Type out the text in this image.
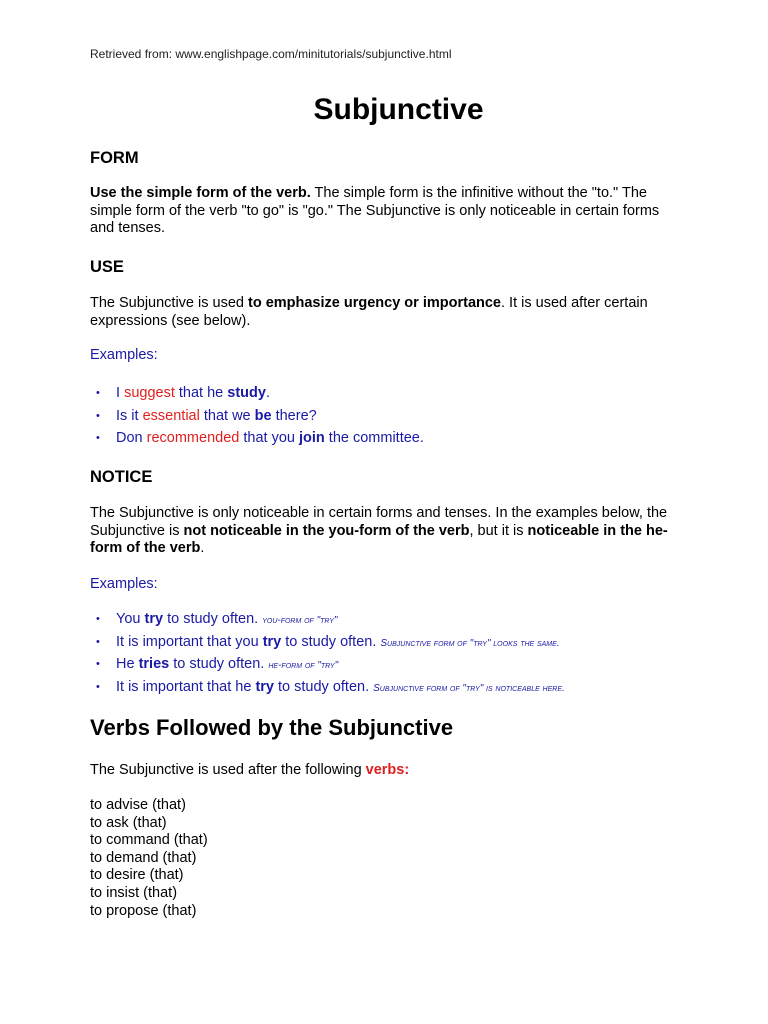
Retrieved from: www.englishpage.com/minitutorials/subjunctive.html
Subjunctive
FORM

Use the simple form of the verb. The simple form is the infinitive without the "to." The simple form of the verb "to go" is "go." The Subjunctive is only noticeable in certain forms and tenses.

USE

The Subjunctive is used to emphasize urgency or importance. It is used after certain expressions (see below).

Examples:

• I suggest that he study.
• Is it essential that we be there?
• Don recommended that you join the committee.
NOTICE

The Subjunctive is only noticeable in certain forms and tenses. In the examples below, the Subjunctive is not noticeable in the you-form of the verb, but it is noticeable in the he-form of the verb.

Examples:

• You try to study often. you-form of "try"
• It is important that you try to study often. Subjunctive form of "try" looks the same.
• He tries to study often. he-form of "try"
• It is important that he try to study often. Subjunctive form of "try" is noticeable here.
Verbs Followed by the Subjunctive

The Subjunctive is used after the following verbs:

to advise (that)
to ask (that)
to command (that)
to demand (that)
to desire (that)
to insist (that)
to propose (that)
